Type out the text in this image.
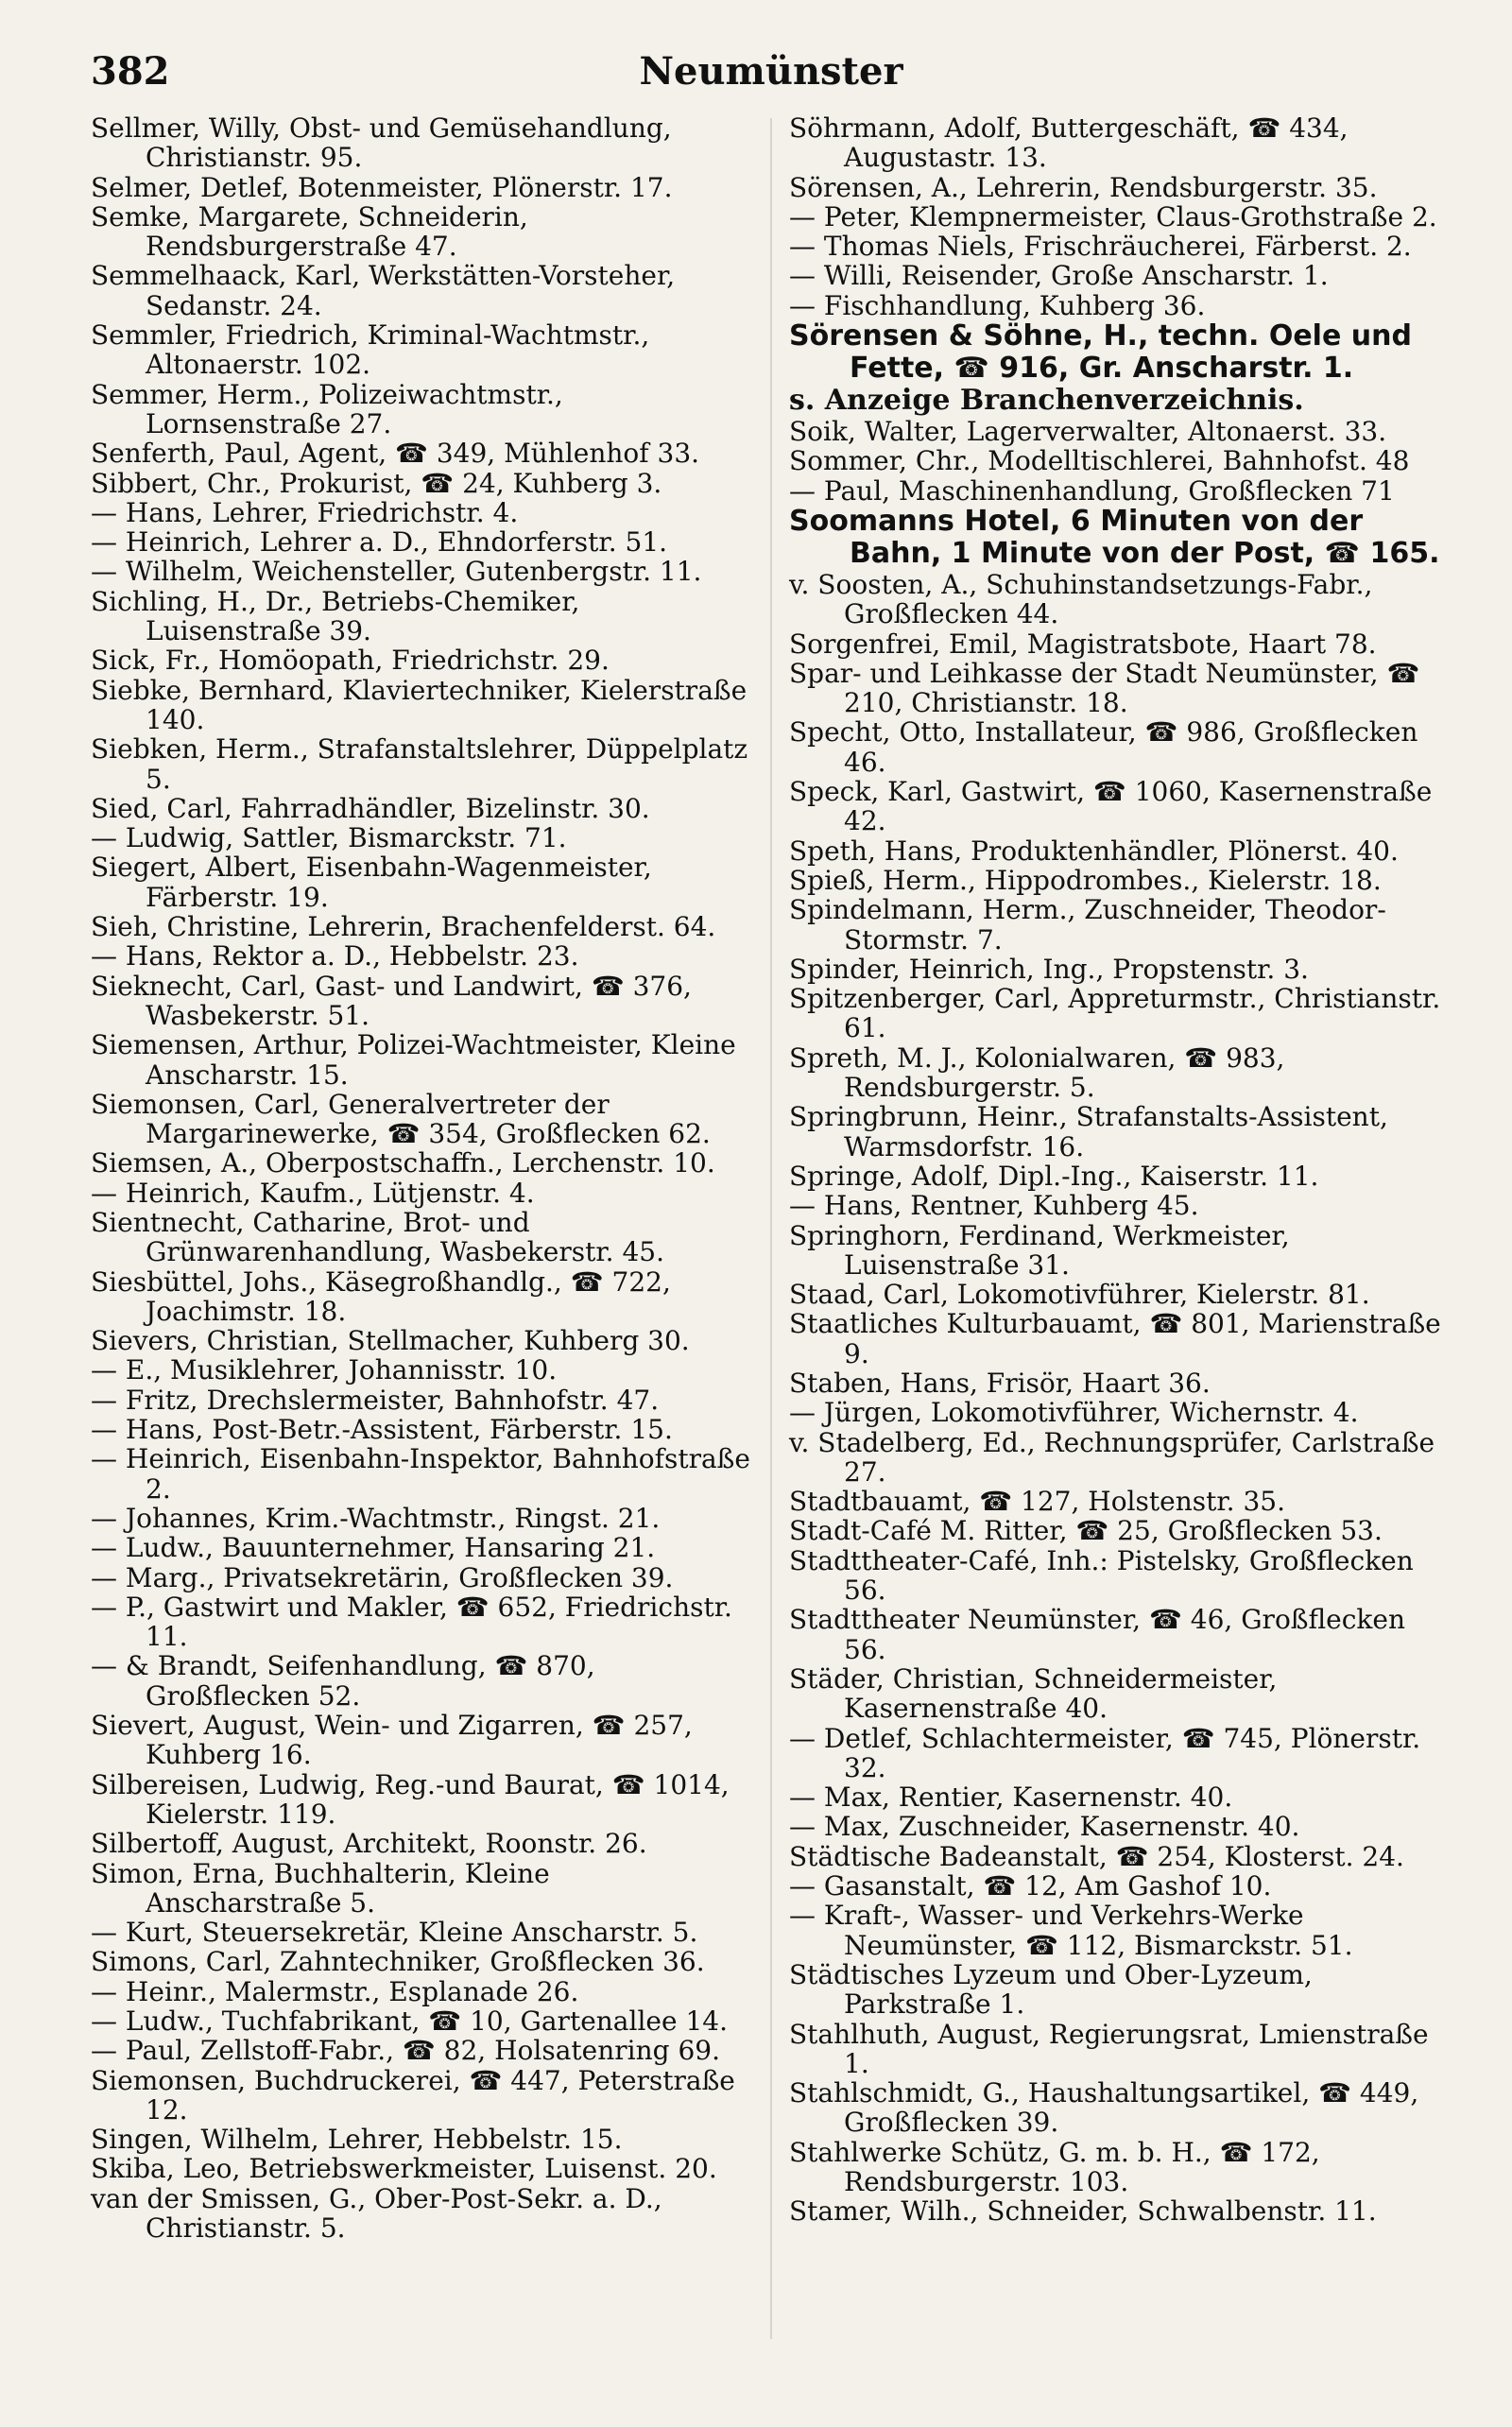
382	Neumünster
Sellmer, Willy, Obst- und Gemüsehandlung, Christianstr. 95.
Selmer, Detlef, Botenmeister, Plönerstr. 17.
Semke, Margarete, Schneiderin, Rendsburgerstraße 47.
Semmelhaack, Karl, Werkstätten-Vorsteher, Sedanstr. 24.
Semmler, Friedrich, Kriminal-Wachtmstr., Altonaerstr. 102.
Semmer, Herm., Polizeiwachtmstr., Lornsenstraße 27.
Senferth, Paul, Agent, ☎ 349, Mühlenhof 33.
Sibbert, Chr., Prokurist, ☎ 24, Kuhberg 3.
— Hans, Lehrer, Friedrichstr. 4.
— Heinrich, Lehrer a. D., Ehndorferstr. 51.
— Wilhelm, Weichensteller, Gutenbergstr. 11.
Sichling, H., Dr., Betriebs-Chemiker, Luisenstraße 39.
Sick, Fr., Homöopath, Friedrichstr. 29.
Siebke, Bernhard, Klaviertechniker, Kielerstraße 140.
Siebken, Herm., Strafanstaltslehrer, Düppelplatz 5.
Sied, Carl, Fahrradhändler, Bizelinstr. 30.
— Ludwig, Sattler, Bismarckstr. 71.
Siegert, Albert, Eisenbahn-Wagenmeister, Färberstr. 19.
Sieh, Christine, Lehrerin, Brachenfelderst. 64.
— Hans, Rektor a. D., Hebbelstr. 23.
Sieknecht, Carl, Gast- und Landwirt, ☎ 376, Wasbekerstr. 51.
Siemensen, Arthur, Polizei-Wachtmeister, Kleine Anscharstr. 15.
Siemonsen, Carl, Generalvertreter der Margarinewerke, ☎ 354, Großflecken 62.
Siemsen, A., Oberpostschaffn., Lerchenstr. 10.
— Heinrich, Kaufm., Lütjenstr. 4.
Sientnecht, Catharine, Brot- und Grünwarenhandlung, Wasbekerstr. 45.
Siesbüttel, Johs., Käsegroßhandlg., ☎ 722, Joachimstr. 18.
Sievers, Christian, Stellmacher, Kuhberg 30.
— E., Musiklehrer, Johannisstr. 10.
— Fritz, Drechslermeister, Bahnhofstr. 47.
— Hans, Post-Betr.-Assistent, Färberstr. 15.
— Heinrich, Eisenbahn-Inspektor, Bahnhofstraße 2.
— Johannes, Krim.-Wachtmstr., Ringst. 21.
— Ludw., Bauunternehmer, Hansaring 21.
— Marg., Privatsekretärin, Großflecken 39.
— P., Gastwirt und Makler, ☎ 652, Friedrichstr. 11.
— & Brandt, Seifenhandlung, ☎ 870, Großflecken 52.
Sievert, August, Wein- und Zigarren, ☎ 257, Kuhberg 16.
Silbereisen, Ludwig, Reg.-und Baurat, ☎ 1014, Kielerstr. 119.
Silbertoff, August, Architekt, Roonstr. 26.
Simon, Erna, Buchhalterin, Kleine Anscharstraße 5.
— Kurt, Steuersekretär, Kleine Anscharstr. 5.
Simons, Carl, Zahntechniker, Großflecken 36.
— Heinr., Malermstr., Esplanade 26.
— Ludw., Tuchfabrikant, ☎ 10, Gartenallee 14.
— Paul, Zellstoff-Fabr., ☎ 82, Holsatenring 69.
Siemonsen, Buchdruckerei, ☎ 447, Peterstraße 12.
Singen, Wilhelm, Lehrer, Hebbelstr. 15.
Skiba, Leo, Betriebswerkmeister, Luisenst. 20.
van der Smissen, G., Ober-Post-Sekr. a. D., Christianstr. 5.
Söhrmann, Adolf, Buttergeschäft, ☎ 434, Augustastr. 13.
Sörensen, A., Lehrerin, Rendsburgerstr. 35.
— Peter, Klempnermeister, Claus-Grothstraße 2.
— Thomas Niels, Frischräucherei, Färberst. 2.
— Willi, Reisender, Große Anscharstr. 1.
— Fischhandlung, Kuhberg 36.
Sörensen & Söhne, H., techn. Oele und Fette, ☎ 916, Gr. Anscharstr. 1.
s. Anzeige Branchenverzeichnis.
Soik, Walter, Lagerverwalter, Altonaerst. 33.
Sommer, Chr., Modelltischlerei, Bahnhofst. 48
— Paul, Maschinenhandlung, Großflecken 71
Soomanns Hotel, 6 Minuten von der Bahn, 1 Minute von der Post, ☎ 165.
v. Soosten, A., Schuhinstandsetzungs-Fabr., Großflecken 44.
Sorgenfrei, Emil, Magistratsbote, Haart 78.
Spar- und Leihkasse der Stadt Neumünster, ☎ 210, Christianstr. 18.
Specht, Otto, Installateur, ☎ 986, Großflecken 46.
Speck, Karl, Gastwirt, ☎ 1060, Kasernenstraße 42.
Speth, Hans, Produktenhändler, Plönerst. 40.
Spieß, Herm., Hippodrombes., Kielerstr. 18.
Spindelmann, Herm., Zuschneider, Theodor-Stormstr. 7.
Spinder, Heinrich, Ing., Propstenstr. 3.
Spitzenberger, Carl, Appreturmstr., Christianstr. 61.
Spreth, M. J., Kolonialwaren, ☎ 983, Rendsburgerstr. 5.
Springbrunn, Heinr., Strafanstalts-Assistent, Warmsdorfstr. 16.
Springe, Adolf, Dipl.-Ing., Kaiserstr. 11.
— Hans, Rentner, Kuhberg 45.
Springhorn, Ferdinand, Werkmeister, Luisenstraße 31.
Staad, Carl, Lokomotivführer, Kielerstr. 81.
Staatliches Kulturbauamt, ☎ 801, Marienstraße 9.
Staben, Hans, Frisör, Haart 36.
— Jürgen, Lokomotivführer, Wichernstr. 4.
v. Stadelberg, Ed., Rechnungsprüfer, Carlstraße 27.
Stadtbauamt, ☎ 127, Holstenstr. 35.
Stadt-Café M. Ritter, ☎ 25, Großflecken 53.
Stadttheater-Café, Inh.: Pistelsky, Großflecken 56.
Stadttheater Neumünster, ☎ 46, Großflecken 56.
Städer, Christian, Schneidermeister, Kasernenstraße 40.
— Detlef, Schlachtermeister, ☎ 745, Plönerstr. 32.
— Max, Rentier, Kasernenstr. 40.
— Max, Zuschneider, Kasernenstr. 40.
Städtische Badeanstalt, ☎ 254, Klosterst. 24.
— Gasanstalt, ☎ 12, Am Gashof 10.
— Kraft-, Wasser- und Verkehrs-Werke Neumünster, ☎ 112, Bismarckstr. 51.
Städtisches Lyzeum und Ober-Lyzeum, Parkstraße 1.
Stahlhuth, August, Regierungsrat, Lmienstraße 1.
Stahlschmidt, G., Haushaltungsartikel, ☎ 449, Großflecken 39.
Stahlwerke Schütz, G. m. b. H., ☎ 172, Rendsburgerstr. 103.
Stamer, Wilh., Schneider, Schwalbenstr. 11.
